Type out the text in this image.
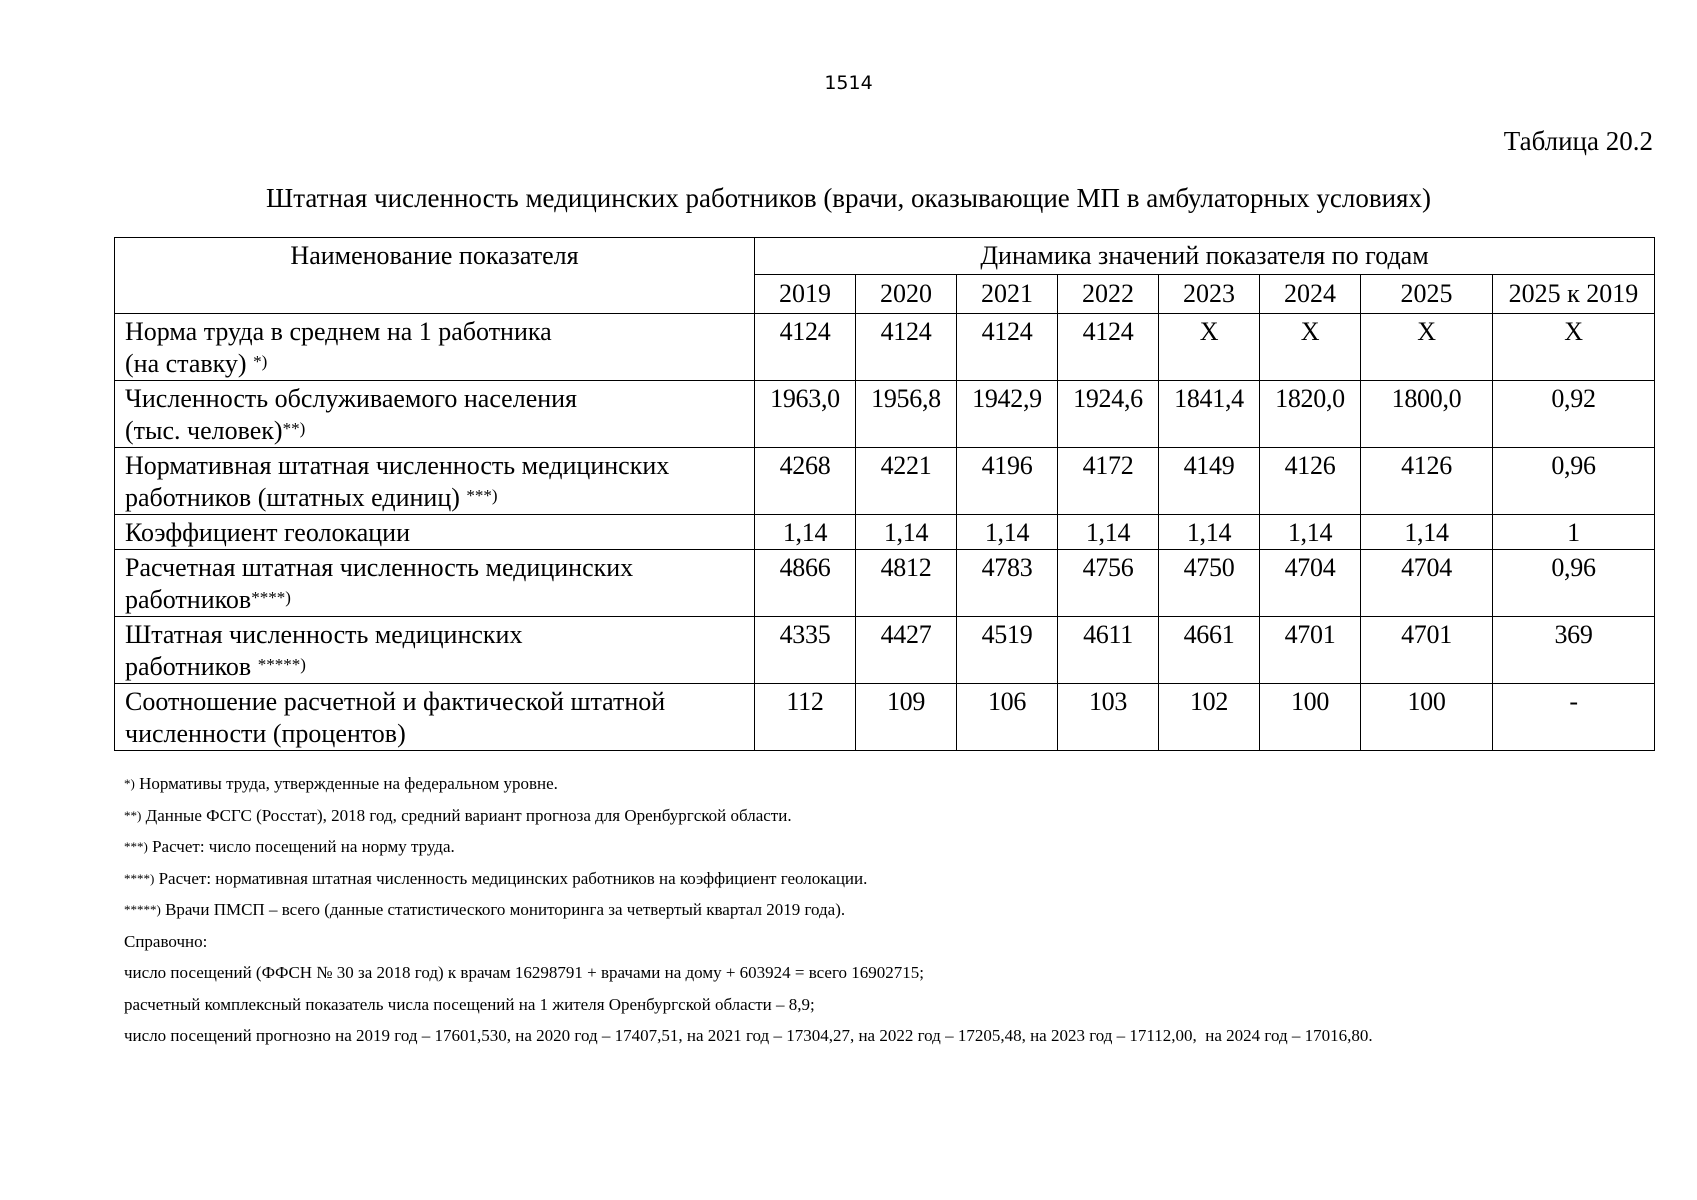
1514
Таблица 20.2
Штатная численность медицинских работников (врачи, оказывающие МП в амбулаторных условиях)
Наименование показателя	Динамика значений показателя по годам							
	2019	2020	2021	2022	2023	2024	2025	2025 к 2019
Норма труда в среднем на 1 работника
(на ставку) *)	4124	4124	4124	4124	Х	Х	Х	Х
Численность обслуживаемого населения
(тыс. человек)**)	1963,0	1956,8	1942,9	1924,6	1841,4	1820,0	1800,0	0,92
Нормативная штатная численность медицинских
работников (штатных единиц) ***)	4268	4221	4196	4172	4149	4126	4126	0,96
Коэффициент геолокации	1,14	1,14	1,14	1,14	1,14	1,14	1,14	1
Расчетная штатная численность медицинских
работников****)	4866	4812	4783	4756	4750	4704	4704	0,96
Штатная численность медицинских
работников *****)	4335	4427	4519	4611	4661	4701	4701	369
Соотношение расчетной и фактической штатной
численности (процентов)	112	109	106	103	102	100	100	-
*) Нормативы труда, утвержденные на федеральном уровне.
**) Данные ФСГС (Росстат), 2018 год, средний вариант прогноза для Оренбургской области.
***) Расчет: число посещений на норму труда.
****) Расчет: нормативная штатная численность медицинских работников на коэффициент геолокации.
*****) Врачи ПМСП – всего (данные статистического мониторинга за четвертый квартал 2019 года).
Справочно:
число посещений (ФФСН № 30 за 2018 год) к врачам 16298791 + врачами на дому + 603924 = всего 16902715;
расчетный комплексный показатель числа посещений на 1 жителя Оренбургской области – 8,9;
число посещений прогнозно на 2019 год – 17601,530, на 2020 год – 17407,51, на 2021 год – 17304,27, на 2022 год – 17205,48, на 2023 год – 17112,00,  на 2024 год – 17016,80.
